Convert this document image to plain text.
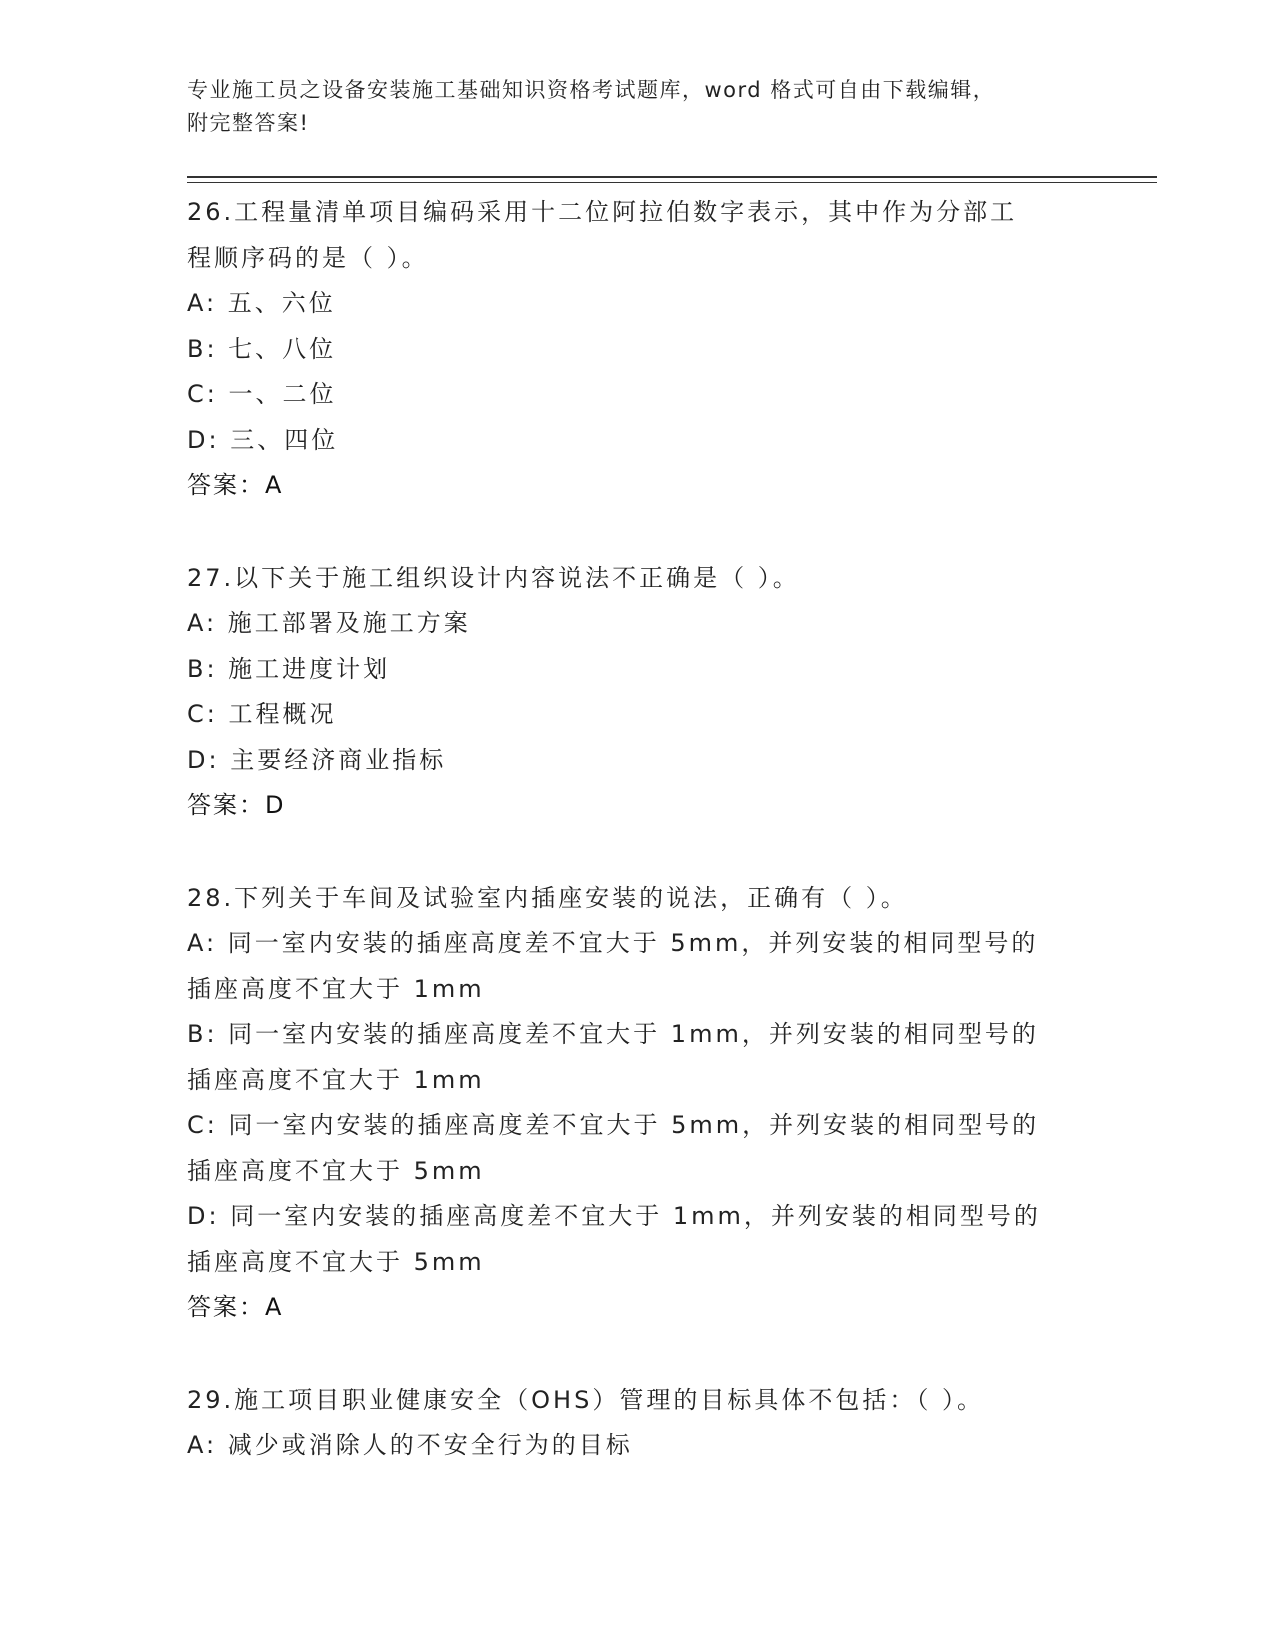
专业施工员之设备安装施工基础知识资格考试题库，word 格式可自由下载编辑，
附完整答案!
26.工程量清单项目编码采用十二位阿拉伯数字表示，其中作为分部工
程顺序码的是（ ）。
A: 五、六位
B: 七、八位
C: 一、二位
D: 三、四位
答案：A
27.以下关于施工组织设计内容说法不正确是（ ）。
A: 施工部署及施工方案
B: 施工进度计划
C: 工程概况
D: 主要经济商业指标
答案：D
28.下列关于车间及试验室内插座安装的说法，正确有（ ）。
A: 同一室内安装的插座高度差不宜大于 5mm，并列安装的相同型号的
插座高度不宜大于 1mm
B: 同一室内安装的插座高度差不宜大于 1mm，并列安装的相同型号的
插座高度不宜大于 1mm
C: 同一室内安装的插座高度差不宜大于 5mm，并列安装的相同型号的
插座高度不宜大于 5mm
D: 同一室内安装的插座高度差不宜大于 1mm，并列安装的相同型号的
插座高度不宜大于 5mm
答案：A
29.施工项目职业健康安全（OHS）管理的目标具体不包括：（ ）。
A: 减少或消除人的不安全行为的目标
